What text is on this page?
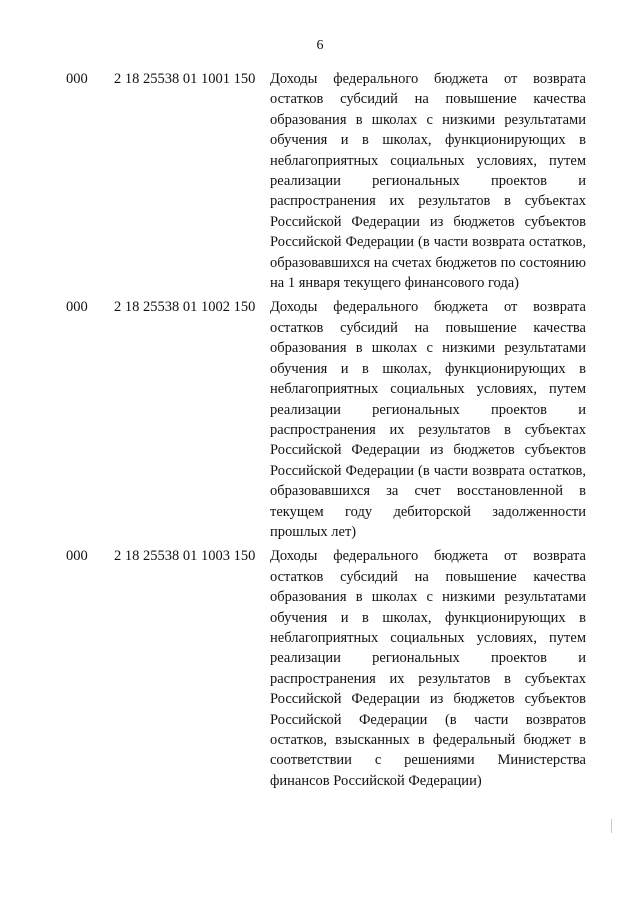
6
000	2 18 25538 01 1001 150	Доходы федерального бюджета от возврата остатков субсидий на повышение качества образования в школах с низкими результатами обучения и в школах, функционирующих в неблагоприятных социальных условиях, путем реализации региональных проектов и распространения их результатов в субъектах Российской Федерации из бюджетов субъектов Российской Федерации (в части возврата остатков, образовавшихся на счетах бюджетов по состоянию на 1 января текущего финансового года)
000	2 18 25538 01 1002 150	Доходы федерального бюджета от возврата остатков субсидий на повышение качества образования в школах с низкими результатами обучения и в школах, функционирующих в неблагоприятных социальных условиях, путем реализации региональных проектов и распространения их результатов в субъектах Российской Федерации из бюджетов субъектов Российской Федерации (в части возврата остатков, образовавшихся за счет восстановленной в текущем году дебиторской задолженности прошлых лет)
000	2 18 25538 01 1003 150	Доходы федерального бюджета от возврата остатков субсидий на повышение качества образования в школах с низкими результатами обучения и в школах, функционирующих в неблагоприятных социальных условиях, путем реализации региональных проектов и распространения их результатов в субъектах Российской Федерации из бюджетов субъектов Российской Федерации (в части возвратов остатков, взысканных в федеральный бюджет в соответствии с решениями Министерства финансов Российской Федерации)
